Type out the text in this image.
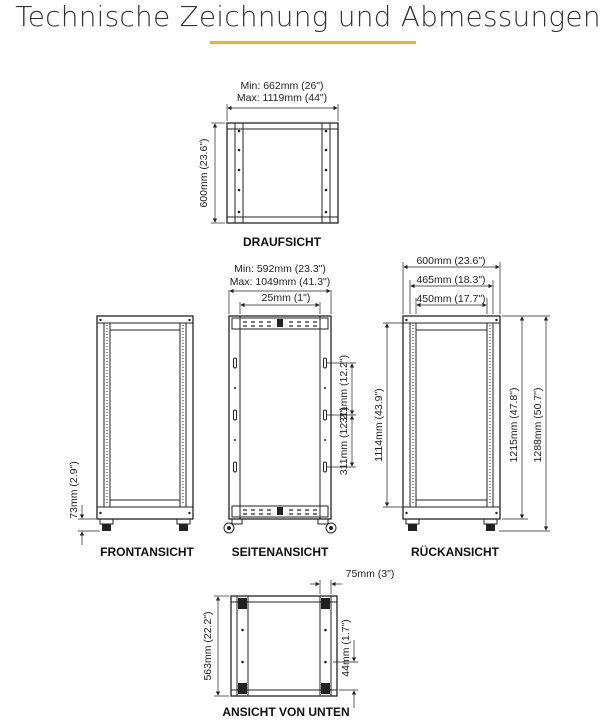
Technische Zeichnung und Abmessungen
Min: 662mm (26")
Max: 1119mm (44")
600mm (23.6")
DRAUFSICHT
73mm (2.9")
FRONTANSICHT
Min: 592mm (23.3")
Max: 1049mm (41.3")
25mm (1")
311mm (12.2")
311mm (12.2")
SEITENANSICHT
600mm (23.6")
465mm (18.3")
450mm (17.7")
1114mm (43.9")	1215mm (47.8") 1288mm (50.7")
RÜCKANSICHT
75mm (3")
563mm (22.2")	44mm (1.7")
ANSICHT VON UNTEN
